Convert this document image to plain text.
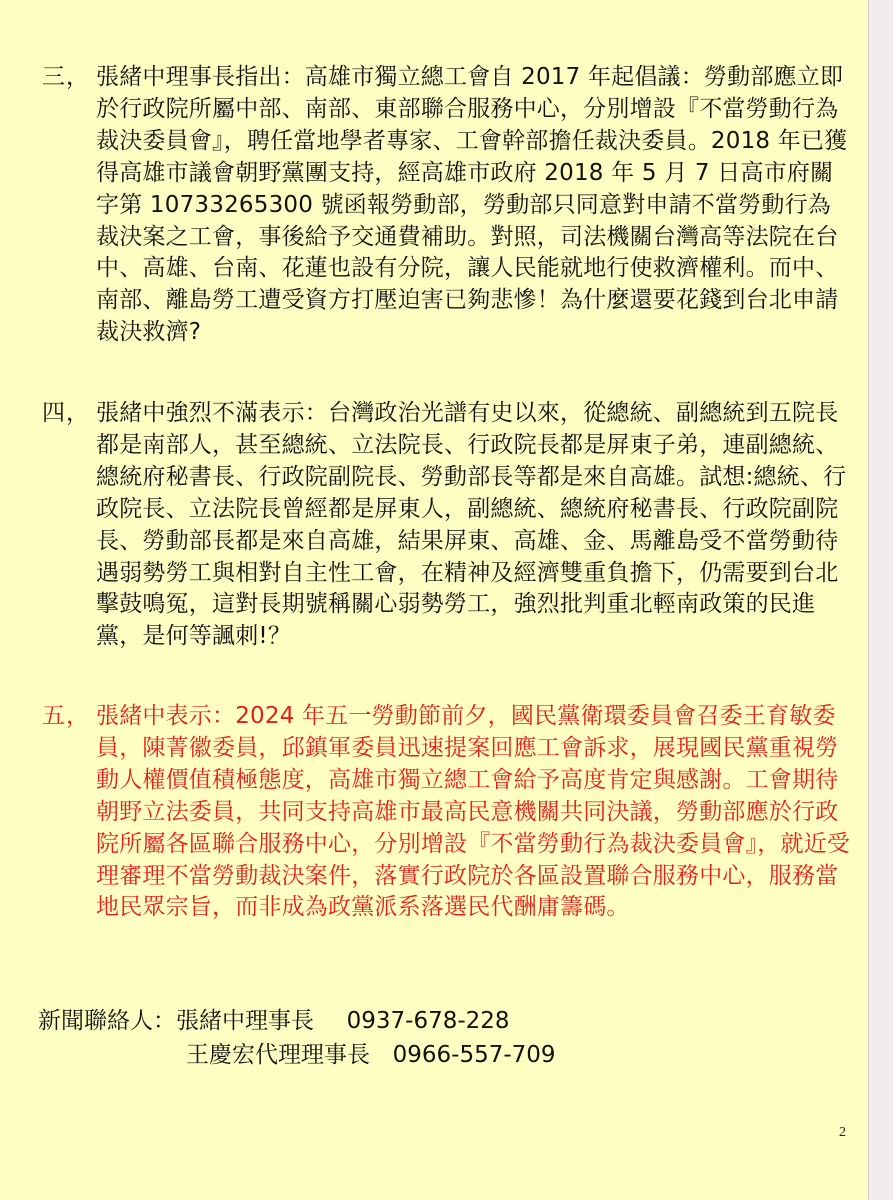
三， 張緒中理事長指出：高雄市獨立總工會自 2017 年起倡議：勞動部應立即於行政院所屬中部、南部、東部聯合服務中心，分別增設『不當勞動行為裁決委員會』，聘任當地學者專家、工會幹部擔任裁決委員。2018 年已獲得高雄市議會朝野黨團支持，經高雄市政府 2018 年 5 月 7 日高市府關字第 10733265300 號函報勞動部，勞動部只同意對申請不當勞動行為裁決案之工會，事後給予交通費補助。對照，司法機關台灣高等法院在台中、高雄、台南、花蓮也設有分院，讓人民能就地行使救濟權利。而中、南部、離島勞工遭受資方打壓迫害已夠悲慘！為什麼還要花錢到台北申請裁決救濟?
四， 張緒中強烈不滿表示：台灣政治光譜有史以來，從總統、副總統到五院長都是南部人，甚至總統、立法院長、行政院長都是屏東子弟，連副總統、總統府秘書長、行政院副院長、勞動部長等都是來自高雄。試想:總統、行政院長、立法院長曾經都是屏東人，副總統、總統府秘書長、行政院副院長、勞動部長都是來自高雄，結果屏東、高雄、金、馬離島受不當勞動待遇弱勢勞工與相對自主性工會，在精神及經濟雙重負擔下，仍需要到台北擊鼓鳴冤，這對長期號稱關心弱勢勞工，強烈批判重北輕南政策的民進黨，是何等諷刺!？
五， 張緒中表示：2024 年五一勞動節前夕，國民黨衛環委員會召委王育敏委員，陳菁徽委員，邱鎮軍委員迅速提案回應工會訴求，展現國民黨重視勞動人權價值積極態度，高雄市獨立總工會給予高度肯定與感謝。工會期待朝野立法委員，共同支持高雄市最高民意機關共同決議，勞動部應於行政院所屬各區聯合服務中心，分別增設『不當勞動行為裁決委員會』，就近受理審理不當勞動裁決案件，落實行政院於各區設置聯合服務中心，服務當地民眾宗旨，而非成為政黨派系落選民代酬庸籌碼。
新聞聯絡人：張緒中理事長 0937-678-228
王慶宏代理理事長 0966-557-709
2
